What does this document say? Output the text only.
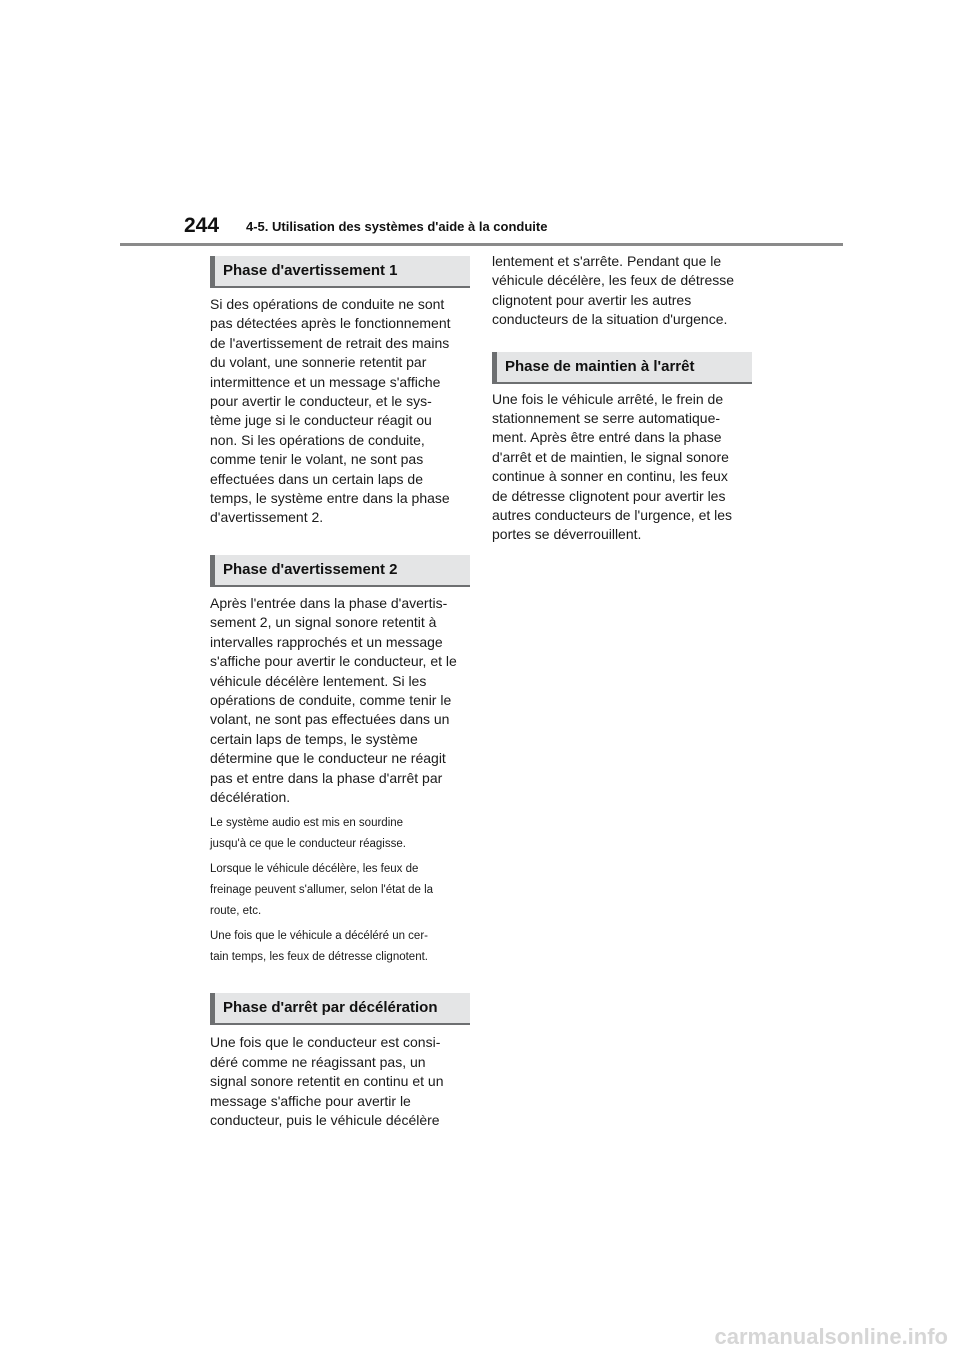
244 4-5. Utilisation des systèmes d'aide à la conduite
Phase d'avertissement 1
Si des opérations de conduite ne sont
pas détectées après le fonctionnement
de l'avertissement de retrait des mains
du volant, une sonnerie retentit par
intermittence et un message s'affiche
pour avertir le conducteur, et le sys-
tème juge si le conducteur réagit ou
non. Si les opérations de conduite,
comme tenir le volant, ne sont pas
effectuées dans un certain laps de
temps, le système entre dans la phase
d'avertissement 2.
Phase d'avertissement 2
Après l'entrée dans la phase d'avertis-
sement 2, un signal sonore retentit à
intervalles rapprochés et un message
s'affiche pour avertir le conducteur, et le
véhicule décélère lentement. Si les
opérations de conduite, comme tenir le
volant, ne sont pas effectuées dans un
certain laps de temps, le système
détermine que le conducteur ne réagit
pas et entre dans la phase d'arrêt par
décélération.
Le système audio est mis en sourdine
jusqu'à ce que le conducteur réagisse.
Lorsque le véhicule décélère, les feux de
freinage peuvent s'allumer, selon l'état de la
route, etc.
Une fois que le véhicule a décéléré un cer-
tain temps, les feux de détresse clignotent.
Phase d'arrêt par décélération
Une fois que le conducteur est consi-
déré comme ne réagissant pas, un
signal sonore retentit en continu et un
message s'affiche pour avertir le
conducteur, puis le véhicule décélère
lentement et s'arrête. Pendant que le
véhicule décélère, les feux de détresse
clignotent pour avertir les autres
conducteurs de la situation d'urgence.
Phase de maintien à l'arrêt
Une fois le véhicule arrêté, le frein de
stationnement se serre automatique-
ment. Après être entré dans la phase
d'arrêt et de maintien, le signal sonore
continue à sonner en continu, les feux
de détresse clignotent pour avertir les
autres conducteurs de l'urgence, et les
portes se déverrouillent.
carmanualsonline.info
